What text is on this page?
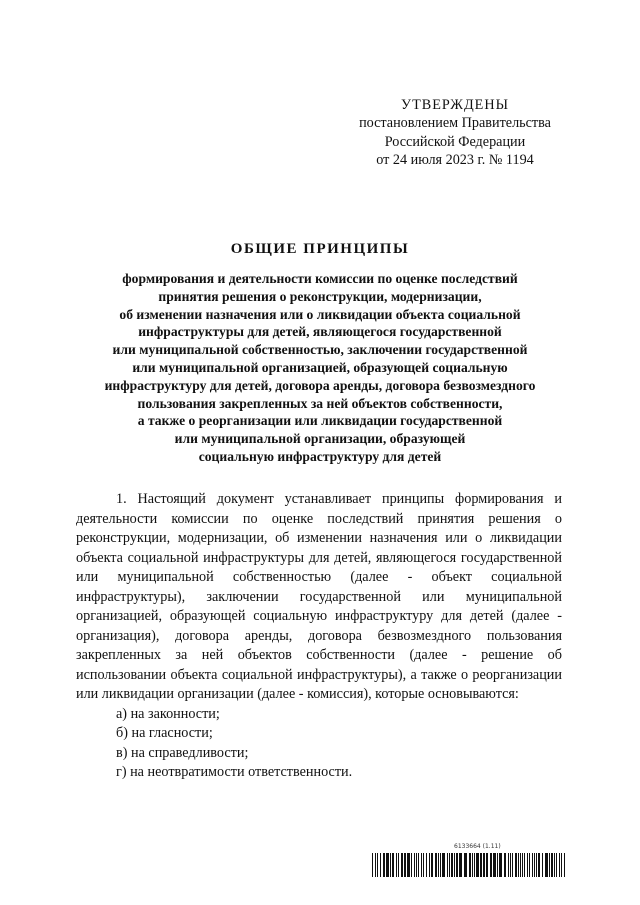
УТВЕРЖДЕНЫ
постановлением Правительства
Российской Федерации
от 24 июля 2023 г. № 1194
ОБЩИЕ ПРИНЦИПЫ
формирования и деятельности комиссии по оценке последствий
принятия решения о реконструкции, модернизации,
об изменении назначения или о ликвидации объекта социальной
инфраструктуры для детей, являющегося государственной
или муниципальной собственностью, заключении государственной
или муниципальной организацией, образующей социальную
инфраструктуру для детей, договора аренды, договора безвозмездного
пользования закрепленных за ней объектов собственности,
а также о реорганизации или ликвидации государственной
или муниципальной организации, образующей
социальную инфраструктуру для детей

1. Настоящий документ устанавливает принципы формирования и деятельности комиссии по оценке последствий принятия решения о реконструкции, модернизации, об изменении назначения или о ликвидации объекта социальной инфраструктуры для детей, являющегося государственной или муниципальной собственностью (далее - объект социальной инфраструктуры), заключении государственной или муниципальной организацией, образующей социальную инфраструктуру для детей (далее - организация), договора аренды, договора безвозмездного пользования закрепленных за ней объектов собственности (далее - решение об использовании объекта социальной инфраструктуры), а также о реорганизации или ликвидации организации (далее - комиссия), которые основываются:

а) на законности;

б) на гласности;

в) на справедливости;

г) на неотвратимости ответственности.

6133664 (1.11)
